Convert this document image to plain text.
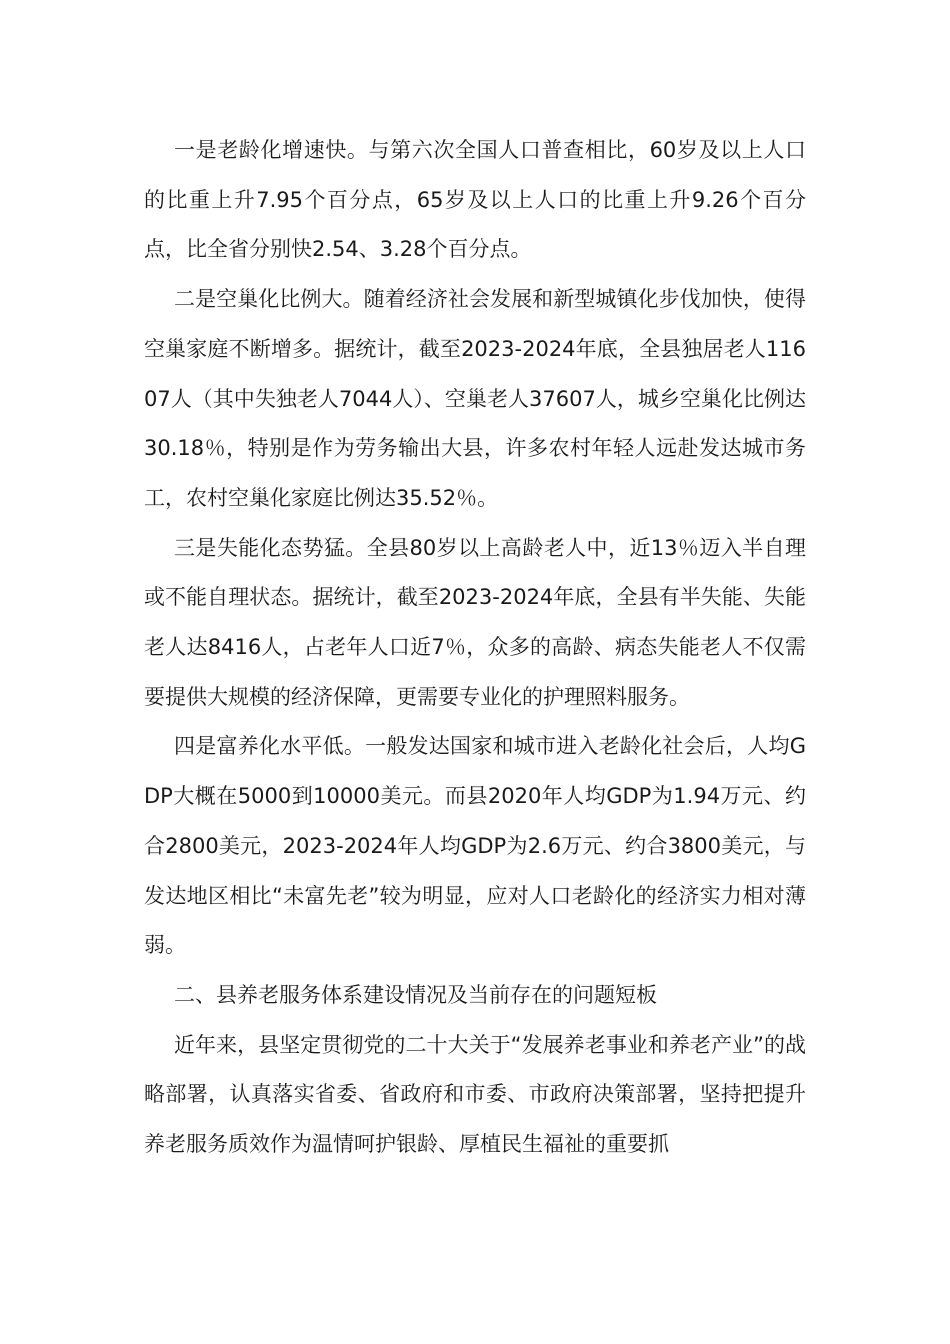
一是老龄化增速快。与第六次全国人口普查相比，60岁及以上人口的比重上升7.95个百分点，65岁及以上人口的比重上升9.26个百分点，比全省分别快2.54、3.28个百分点。

二是空巢化比例大。随着经济社会发展和新型城镇化步伐加快，使得空巢家庭不断增多。据统计，截至2023-2024年底，全县独居老人11607人（其中失独老人7044人）、空巢老人37607人，城乡空巢化比例达30.18％，特别是作为劳务输出大县，许多农村年轻人远赴发达城市务工，农村空巢化家庭比例达35.52％。

三是失能化态势猛。全县80岁以上高龄老人中，近13％迈入半自理或不能自理状态。据统计，截至2023-2024年底，全县有半失能、失能老人达8416人，占老年人口近7％，众多的高龄、病态失能老人不仅需要提供大规模的经济保障，更需要专业化的护理照料服务。

四是富养化水平低。一般发达国家和城市进入老龄化社会后，人均GDP大概在5000到10000美元。而县2020年人均GDP为1.94万元、约合2800美元，2023-2024年人均GDP为2.6万元、约合3800美元，与发达地区相比“未富先老”较为明显，应对人口老龄化的经济实力相对薄弱。

二、县养老服务体系建设情况及当前存在的问题短板

近年来，县坚定贯彻党的二十大关于“发展养老事业和养老产业”的战略部署，认真落实省委、省政府和市委、市政府决策部署，坚持把提升养老服务质效作为温情呵护银龄、厚植民生福祉的重要抓
